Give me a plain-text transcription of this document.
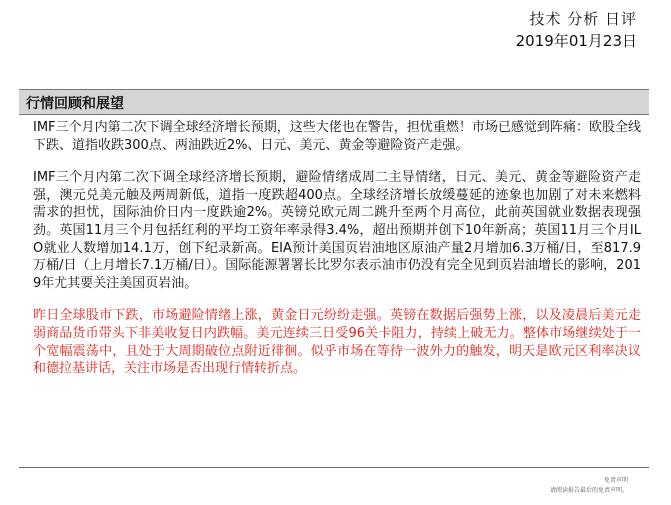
技术 分析 日评
2019年01月23日
行情回顾和展望

IMF三个月内第二次下调全球经济增长预期，这些大佬也在警告，担忧重燃！市场已感觉到阵痛：欧股全线下跌、道指收跌300点、两油跌近2%、日元、美元、黄金等避险资产走强。

IMF三个月内第二次下调全球经济增长预期，避险情绪成周二主导情绪，日元、美元、黄金等避险资产走强，澳元兑美元触及两周新低，道指一度跌超400点。全球经济增长放缓蔓延的迹象也加剧了对未来燃料需求的担忧，国际油价日内一度跌逾2%。英镑兑欧元周二跳升至两个月高位，此前英国就业数据表现强劲。英国11月三个月包括红利的平均工资年率录得3.4%，超出预期并创下10年新高；英国11月三个月ILO就业人数增加14.1万，创下纪录新高。EIA预计美国页岩油地区原油产量2月增加6.3万桶/日，至817.9万桶/日（上月增长7.1万桶/日）。国际能源署署长比罗尔表示油市仍没有完全见到页岩油增长的影响，2019年尤其要关注美国页岩油。

昨日全球股市下跌，市场避险情绪上涨，黄金日元纷纷走强。英镑在数据后强势上涨，以及凌晨后美元走弱商品货币带头下非美收复日内跌幅。美元连续三日受96关卡阻力，持续上破无力。整体市场继续处于一个宽幅震荡中，且处于大周期破位点附近徘徊。似乎市场在等待一波外力的触发，明天是欧元区利率决议和德拉基讲话，关注市场是否出现行情转折点。

免责声明
请阅读报告最后的免责声明。
